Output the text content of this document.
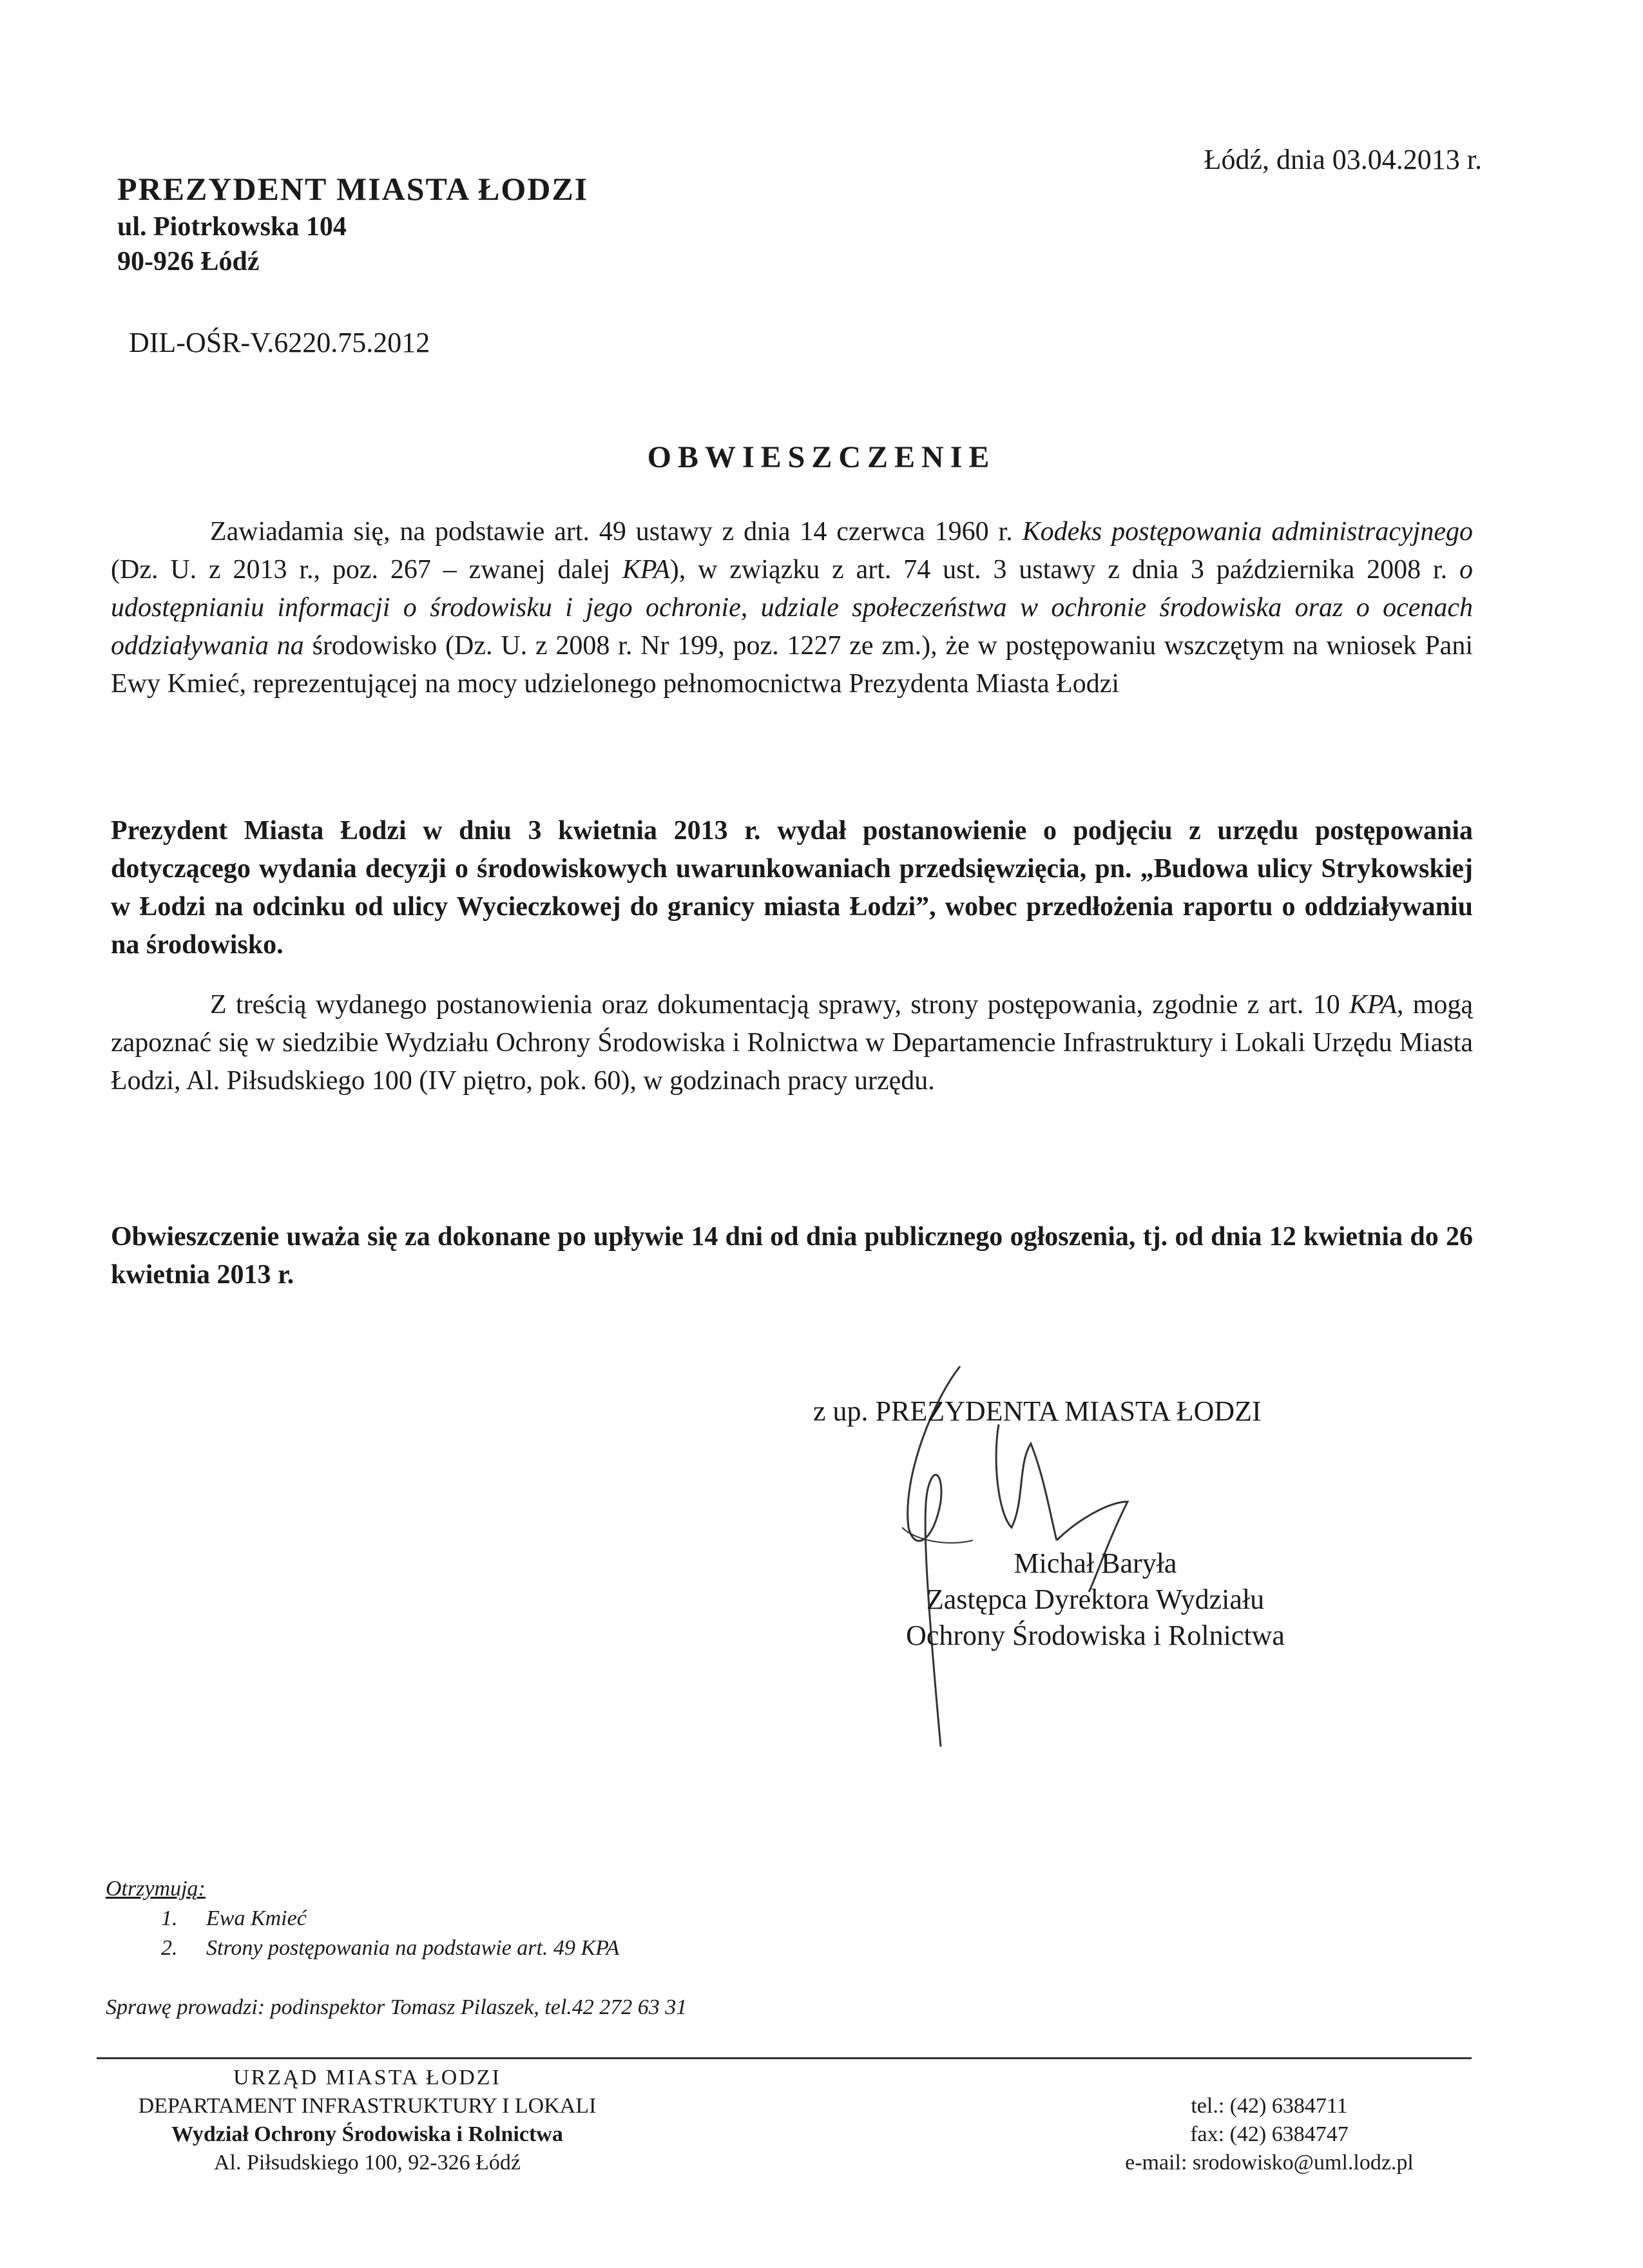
Łódź, dnia 03.04.2013 r.
PREZYDENT MIASTA ŁODZI
ul. Piotrkowska 104
90-926 Łódź
DIL-OŚR-V.6220.75.2012
OBWIESZCZENIE
Zawiadamia się, na podstawie art. 49 ustawy z dnia 14 czerwca 1960 r. Kodeks postępowania administracyjnego (Dz. U. z 2013 r., poz. 267 – zwanej dalej KPA), w związku z art. 74 ust. 3 ustawy z dnia 3 października 2008 r. o udostępnianiu informacji o środowisku i jego ochronie, udziale społeczeństwa w ochronie środowiska oraz o ocenach oddziaływania na środowisko (Dz. U. z 2008 r. Nr 199, poz. 1227 ze zm.), że w postępowaniu wszczętym na wniosek Pani Ewy Kmieć, reprezentującej na mocy udzielonego pełnomocnictwa Prezydenta Miasta Łodzi
Prezydent Miasta Łodzi w dniu 3 kwietnia 2013 r. wydał postanowienie o podjęciu z urzędu postępowania dotyczącego wydania decyzji o środowiskowych uwarunkowaniach przedsięwzięcia, pn. „Budowa ulicy Strykowskiej w Łodzi na odcinku od ulicy Wycieczkowej do granicy miasta Łodzi”, wobec przedłożenia raportu o oddziaływaniu na środowisko.
Z treścią wydanego postanowienia oraz dokumentacją sprawy, strony postępowania, zgodnie z art. 10 KPA, mogą zapoznać się w siedzibie Wydziału Ochrony Środowiska i Rolnictwa w Departamencie Infrastruktury i Lokali Urzędu Miasta Łodzi, Al. Piłsudskiego 100 (IV piętro, pok. 60), w godzinach pracy urzędu.
Obwieszczenie uważa się za dokonane po upływie 14 dni od dnia publicznego ogłoszenia, tj. od dnia 12 kwietnia do 26 kwietnia 2013 r.
z up. PREZYDENTA MIASTA ŁODZI
Michał Baryła
Zastępca Dyrektora Wydziału
Ochrony Środowiska i Rolnictwa
Otrzymują:
1. Ewa Kmieć
2. Strony postępowania na podstawie art. 49 KPA
Sprawę prowadzi: podinspektor Tomasz Pilaszek, tel.42 272 63 31
URZĄD MIASTA ŁODZI
DEPARTAMENT INFRASTRUKTURY I LOKALI
Wydział Ochrony Środowiska i Rolnictwa
Al. Piłsudskiego 100, 92-326 Łódź
tel.: (42) 6384711
fax: (42) 6384747
e-mail: srodowisko@uml.lodz.pl
